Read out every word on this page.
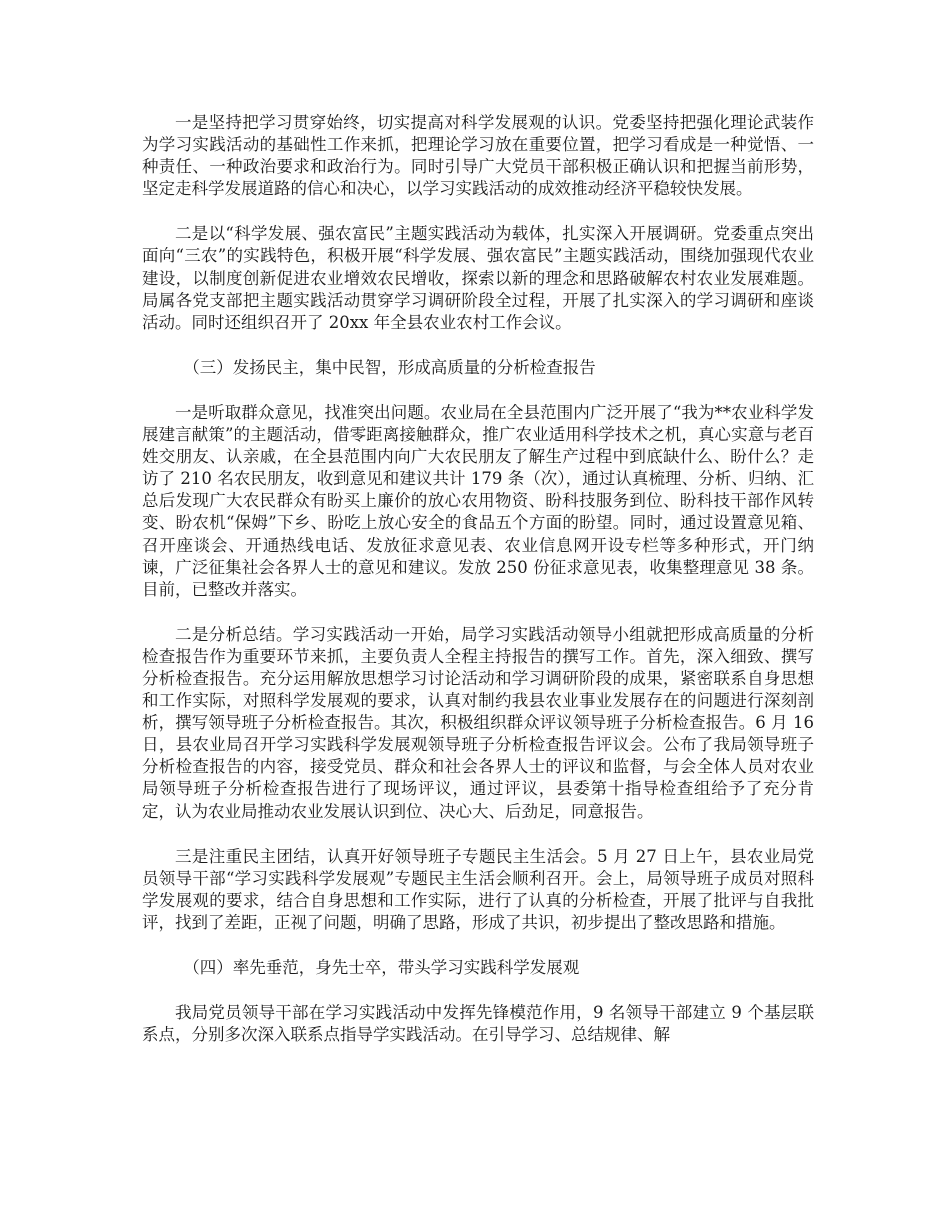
一是坚持把学习贯穿始终，切实提高对科学发展观的认识。党委坚持把强化理论武装作为学习实践活动的基础性工作来抓，把理论学习放在重要位置，把学习看成是一种觉悟、一种责任、一种政治要求和政治行为。同时引导广大党员干部积极正确认识和把握当前形势，坚定走科学发展道路的信心和决心，以学习实践活动的成效推动经济平稳较快发展。

二是以“科学发展、强农富民”主题实践活动为载体，扎实深入开展调研。党委重点突出面向“三农”的实践特色，积极开展“科学发展、强农富民”主题实践活动，围绕加强现代农业建设，以制度创新促进农业增效农民增收，探索以新的理念和思路破解农村农业发展难题。局属各党支部把主题实践活动贯穿学习调研阶段全过程，开展了扎实深入的学习调研和座谈活动。同时还组织召开了 20xx 年全县农业农村工作会议。

（三）发扬民主，集中民智，形成高质量的分析检查报告

一是听取群众意见，找准突出问题。农业局在全县范围内广泛开展了“我为**农业科学发展建言献策”的主题活动，借零距离接触群众，推广农业适用科学技术之机，真心实意与老百姓交朋友、认亲戚，在全县范围内向广大农民朋友了解生产过程中到底缺什么、盼什么？走访了 210 名农民朋友，收到意见和建议共计 179 条（次），通过认真梳理、分析、归纳、汇总后发现广大农民群众有盼买上廉价的放心农用物资、盼科技服务到位、盼科技干部作风转变、盼农机“保姆”下乡、盼吃上放心安全的食品五个方面的盼望。同时，通过设置意见箱、召开座谈会、开通热线电话、发放征求意见表、农业信息网开设专栏等多种形式，开门纳谏，广泛征集社会各界人士的意见和建议。发放 250 份征求意见表，收集整理意见 38 条。目前，已整改并落实。

二是分析总结。学习实践活动一开始，局学习实践活动领导小组就把形成高质量的分析检查报告作为重要环节来抓，主要负责人全程主持报告的撰写工作。首先，深入细致、撰写分析检查报告。充分运用解放思想学习讨论活动和学习调研阶段的成果，紧密联系自身思想和工作实际，对照科学发展观的要求，认真对制约我县农业事业发展存在的问题进行深刻剖析，撰写领导班子分析检查报告。其次，积极组织群众评议领导班子分析检查报告。6 月 16 日，县农业局召开学习实践科学发展观领导班子分析检查报告评议会。公布了我局领导班子分析检查报告的内容，接受党员、群众和社会各界人士的评议和监督，与会全体人员对农业局领导班子分析检查报告进行了现场评议，通过评议，县委第十指导检查组给予了充分肯定，认为农业局推动农业发展认识到位、决心大、后劲足，同意报告。

三是注重民主团结，认真开好领导班子专题民主生活会。5 月 27 日上午，县农业局党员领导干部“学习实践科学发展观”专题民主生活会顺利召开。会上，局领导班子成员对照科学发展观的要求，结合自身思想和工作实际，进行了认真的分析检查，开展了批评与自我批评，找到了差距，正视了问题，明确了思路，形成了共识，初步提出了整改思路和措施。

（四）率先垂范，身先士卒，带头学习实践科学发展观

我局党员领导干部在学习实践活动中发挥先锋模范作用，9 名领导干部建立 9 个基层联系点，分别多次深入联系点指导学实践活动。在引导学习、总结规律、解
